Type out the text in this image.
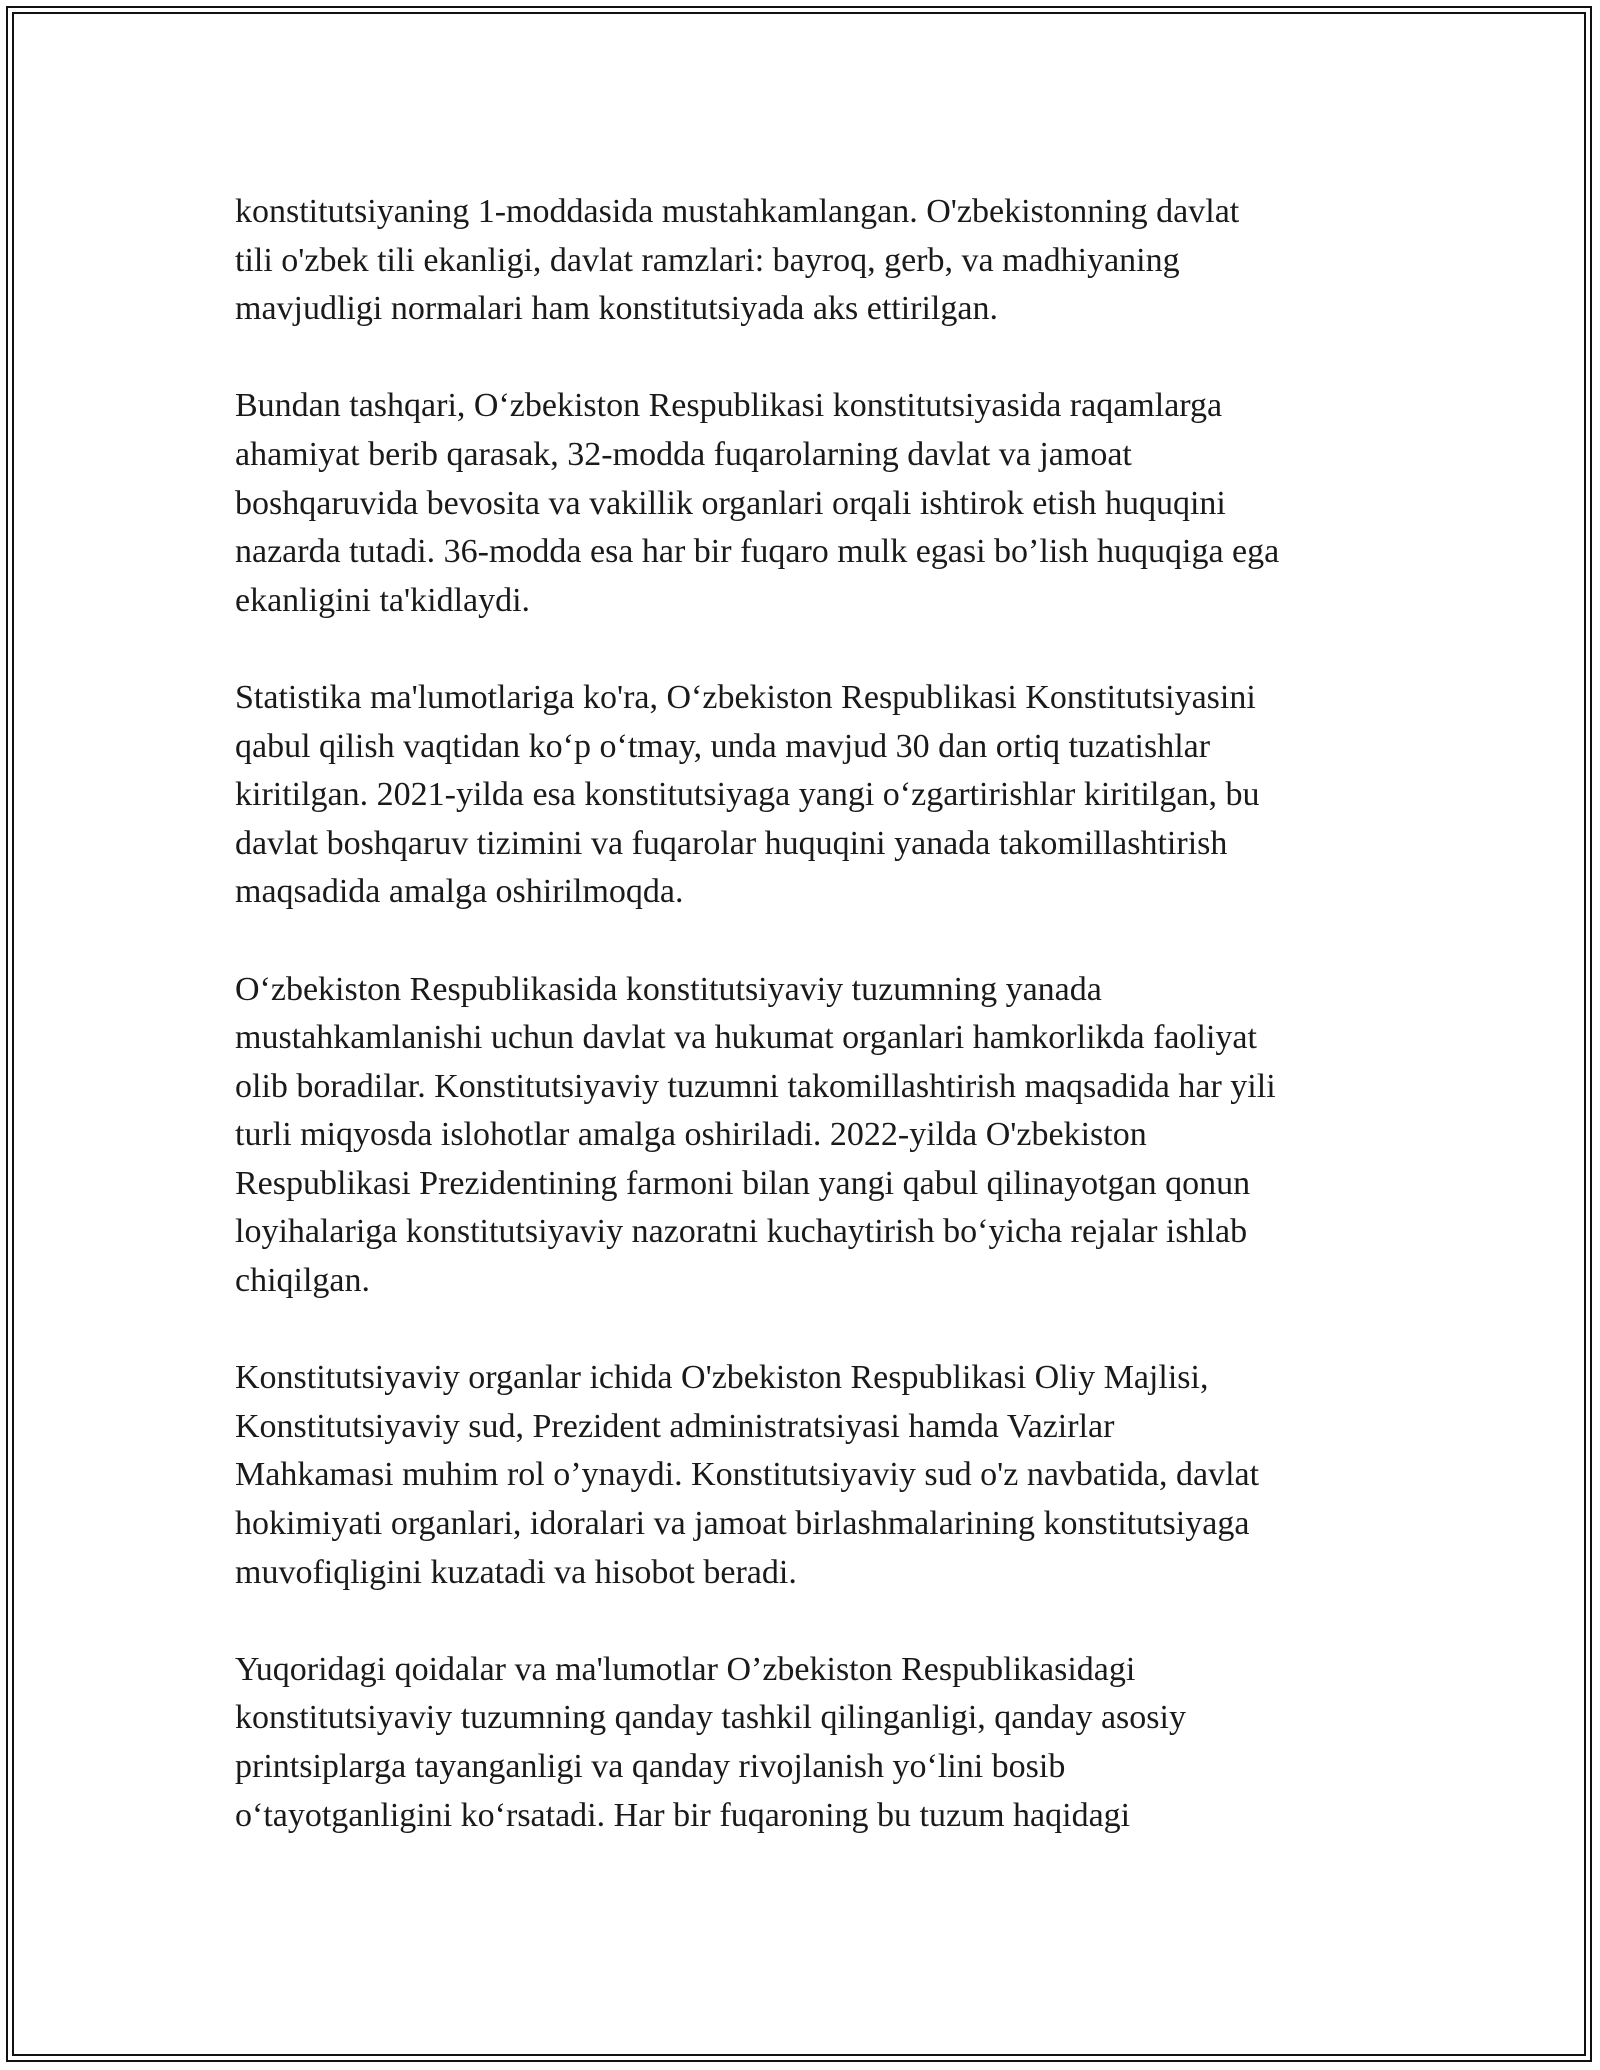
konstitutsiyaning 1-moddasida mustahkamlangan. O'zbekistonning davlat
tili o'zbek tili ekanligi, davlat ramzlari: bayroq, gerb, va madhiyaning
mavjudligi normalari ham konstitutsiyada aks ettirilgan.

Bundan tashqari, O‘zbekiston Respublikasi konstitutsiyasida raqamlarga
ahamiyat berib qarasak, 32-modda fuqarolarning davlat va jamoat
boshqaruvida bevosita va vakillik organlari orqali ishtirok etish huquqini
nazarda tutadi. 36-modda esa har bir fuqaro mulk egasi bo’lish huquqiga ega
ekanligini ta'kidlaydi.

Statistika ma'lumotlariga ko'ra, O‘zbekiston Respublikasi Konstitutsiyasini
qabul qilish vaqtidan ko‘p o‘tmay, unda mavjud 30 dan ortiq tuzatishlar
kiritilgan. 2021-yilda esa konstitutsiyaga yangi o‘zgartirishlar kiritilgan, bu
davlat boshqaruv tizimini va fuqarolar huquqini yanada takomillashtirish
maqsadida amalga oshirilmoqda.

O‘zbekiston Respublikasida konstitutsiyaviy tuzumning yanada
mustahkamlanishi uchun davlat va hukumat organlari hamkorlikda faoliyat
olib boradilar. Konstitutsiyaviy tuzumni takomillashtirish maqsadida har yili
turli miqyosda islohotlar amalga oshiriladi. 2022-yilda O'zbekiston
Respublikasi Prezidentining farmoni bilan yangi qabul qilinayotgan qonun
loyihalariga konstitutsiyaviy nazoratni kuchaytirish bo‘yicha rejalar ishlab
chiqilgan.

Konstitutsiyaviy organlar ichida O'zbekiston Respublikasi Oliy Majlisi,
Konstitutsiyaviy sud, Prezident administratsiyasi hamda Vazirlar
Mahkamasi muhim rol o’ynaydi. Konstitutsiyaviy sud o'z navbatida, davlat
hokimiyati organlari, idoralari va jamoat birlashmalarining konstitutsiyaga
muvofiqligini kuzatadi va hisobot beradi.

Yuqoridagi qoidalar va ma'lumotlar O’zbekiston Respublikasidagi
konstitutsiyaviy tuzumning qanday tashkil qilinganligi, qanday asosiy
printsiplarga tayanganligi va qanday rivojlanish yo‘lini bosib
o‘tayotganligini ko‘rsatadi. Har bir fuqaroning bu tuzum haqidagi
